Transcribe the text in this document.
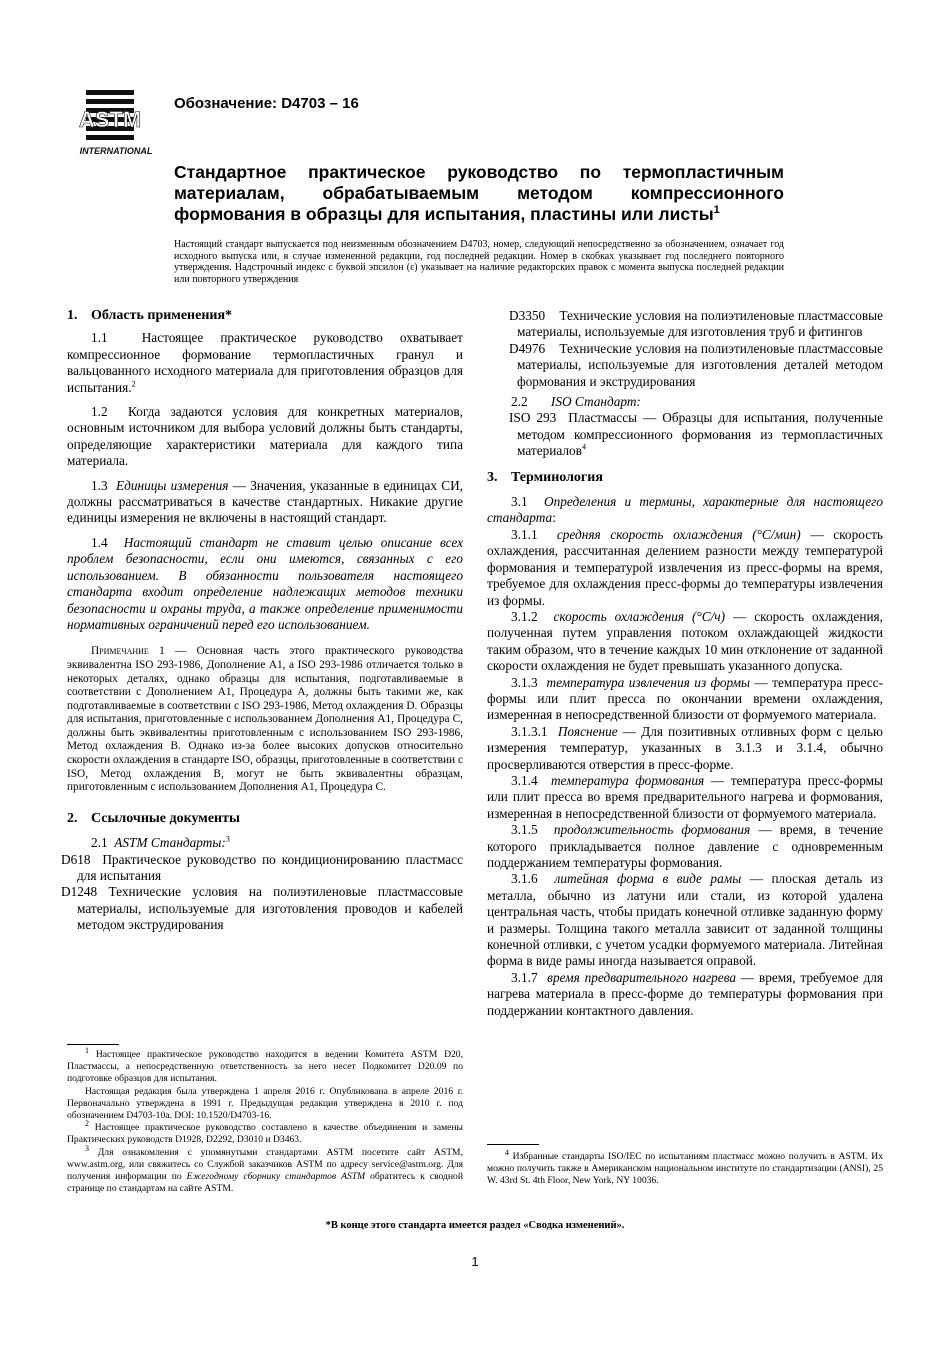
ASTM
INTERNATIONAL
Обозначение: D4703 – 16
Стандартное практическое руководство по термопластичным материалам, обрабатываемым методом компрессионного формования в образцы для испытания, пластины или листы$^1$
Настоящий стандарт выпускается под неизменным обозначением D4703, номер, следующий непосредственно за обозначением, означает год исходного выпуска или, в случае измененной редакции, год последней редакции. Номер в скобках указывает год последнего повторного утверждения. Надстрочный индекс с буквой эпсилон (ε) указывает на наличие редакторских правок с момента выпуска последней редакции или повторного утверждения
1. Область применения*

1.1	Настоящее практическое руководство охватывает компрессионное формование термопластичных гранул и вальцованного исходного материала для приготовления образцов для испытания.$^2$

1.2 Когда задаются условия для конкретных материалов, основным источником для выбора условий должны быть стандарты, определяющие характеристики материала для каждого типа материала.

1.3 Единицы измерения — Значения, указанные в единицах СИ, должны рассматриваться в качестве стандартных. Никакие другие единицы измерения не включены в настоящий стандарт.

1.4 Настоящий стандарт не ставит целью описание всех проблем безопасности, если они имеются, связанных с его использованием. В обязанности пользователя настоящего стандарта входит определение надлежащих методов техники безопасности и охраны труда, а также определение применимости нормативных ограничений перед его использованием.

Примечание 1 — Основная часть этого практического руководства эквивалентна ISO 293-1986, Дополнение A1, а ISO 293-1986 отличается только в некоторых деталях, однако образцы для испытания, подготавливаемые в соответствии с Дополнением A1, Процедура A, должны быть такими же, как подготавливаемые в соответствии с ISO 293-1986, Метод охлаждения D. Образцы для испытания, приготовленные с использованием Дополнения A1, Процедура C, должны быть эквивалентны приготовленным с использованием ISO 293-1986, Метод охлаждения B. Однако из-за более высоких допусков относительно скорости охлаждения в стандарте ISO, образцы, приготовленные в соответствии с ISO, Метод охлаждения B, могут не быть эквивалентны образцам, приготовленным с использованием Дополнения A1, Процедура C.

2. Ссылочные документы

2.1 ASTM Стандарты:$^3$

D618 Практическое руководство по кондиционированию пластмасс для испытания

D1248 Технические условия на полиэтиленовые пластмассовые материалы, используемые для изготовления проводов и кабелей методом экструдирования

$^1$ Настоящее практическое руководство находится в ведении Комитета ASTM D20, Пластмассы, а непосредственную ответственность за него несет Подкомитет D20.09 по подготовке образцов для испытания.

Настоящая редакция была утверждена 1 апреля 2016 г. Опубликована в апреле 2016 г. Первоначально утверждена в 1991 г. Предыдущая редакция утверждена в 2010 г. под обозначением D4703-10a. DOI: 10.1520/D4703-16.

$^2$ Настоящее практическое руководство составлено в качестве объединения и замены Практических руководств D1928, D2292, D3010 и D3463.

$^3$ Для ознакомления с упомянутыми стандартами ASTM посетите сайт ASTM, www.astm.org, или свяжитесь со Службой заказчиков ASTM по адресу service@astm.org. Для получения информации по Ежегодному сборнику стандартов ASTM обратитесь к сводной странице по стандартам на сайте ASTM.

D3350 Технические условия на полиэтиленовые пластмассовые материалы, используемые для изготовления труб и фитингов

D4976 Технические условия на полиэтиленовые пластмассовые материалы, используемые для изготовления деталей методом формования и экструдирования

2.2 ISO Стандарт:

ISO 293 Пластмассы — Образцы для испытания, полученные методом компрессионного формования из термопластичных материалов$^4$

3. Терминология

3.1 Определения и термины, характерные для настоящего стандарта:

3.1.1 средняя скорость охлаждения (°C/мин) — скорость охлаждения, рассчитанная делением разности между температурой формования и температурой извлечения из пресс-формы на время, требуемое для охлаждения пресс-формы до температуры извлечения из формы.

3.1.2 скорость охлаждения (°C/ч) — скорость охлаждения, полученная путем управления потоком охлаждающей жидкости таким образом, что в течение каждых 10 мин отклонение от заданной скорости охлаждения не будет превышать указанного допуска.

3.1.3 температура извлечения из формы — температура пресс-формы или плит пресса по окончании времени охлаждения, измеренная в непосредственной близости от формуемого материала.

3.1.3.1 Пояснение — Для позитивных отливных форм с целью измерения температур, указанных в 3.1.3 и 3.1.4, обычно просверливаются отверстия в пресс-форме.

3.1.4 температура формования — температура пресс-формы или плит пресса во время предварительного нагрева и формования, измеренная в непосредственной близости от формуемого материала.

3.1.5 продолжительность формования — время, в течение которого прикладывается полное давление с одновременным поддержанием температуры формования.

3.1.6 литейная форма в виде рамы — плоская деталь из металла, обычно из латуни или стали, из которой удалена центральная часть, чтобы придать конечной отливке заданную форму и размеры. Толщина такого металла зависит от заданной толщины конечной отливки, с учетом усадки формуемого материала. Литейная форма в виде рамы иногда называется оправой.

3.1.7 время предварительного нагрева — время, требуемое для нагрева материала в пресс-форме до температуры формования при поддержании контактного давления.

$^4$ Избранные стандарты ISO/IEC по испытаниям пластмасс можно получить в ASTM. Их можно получить также в Американском национальном институте по стандартизации (ANSI), 25 W. 43rd St. 4th Floor, New York, NY 10036.

*В конце этого стандарта имеется раздел «Сводка изменений».
1
